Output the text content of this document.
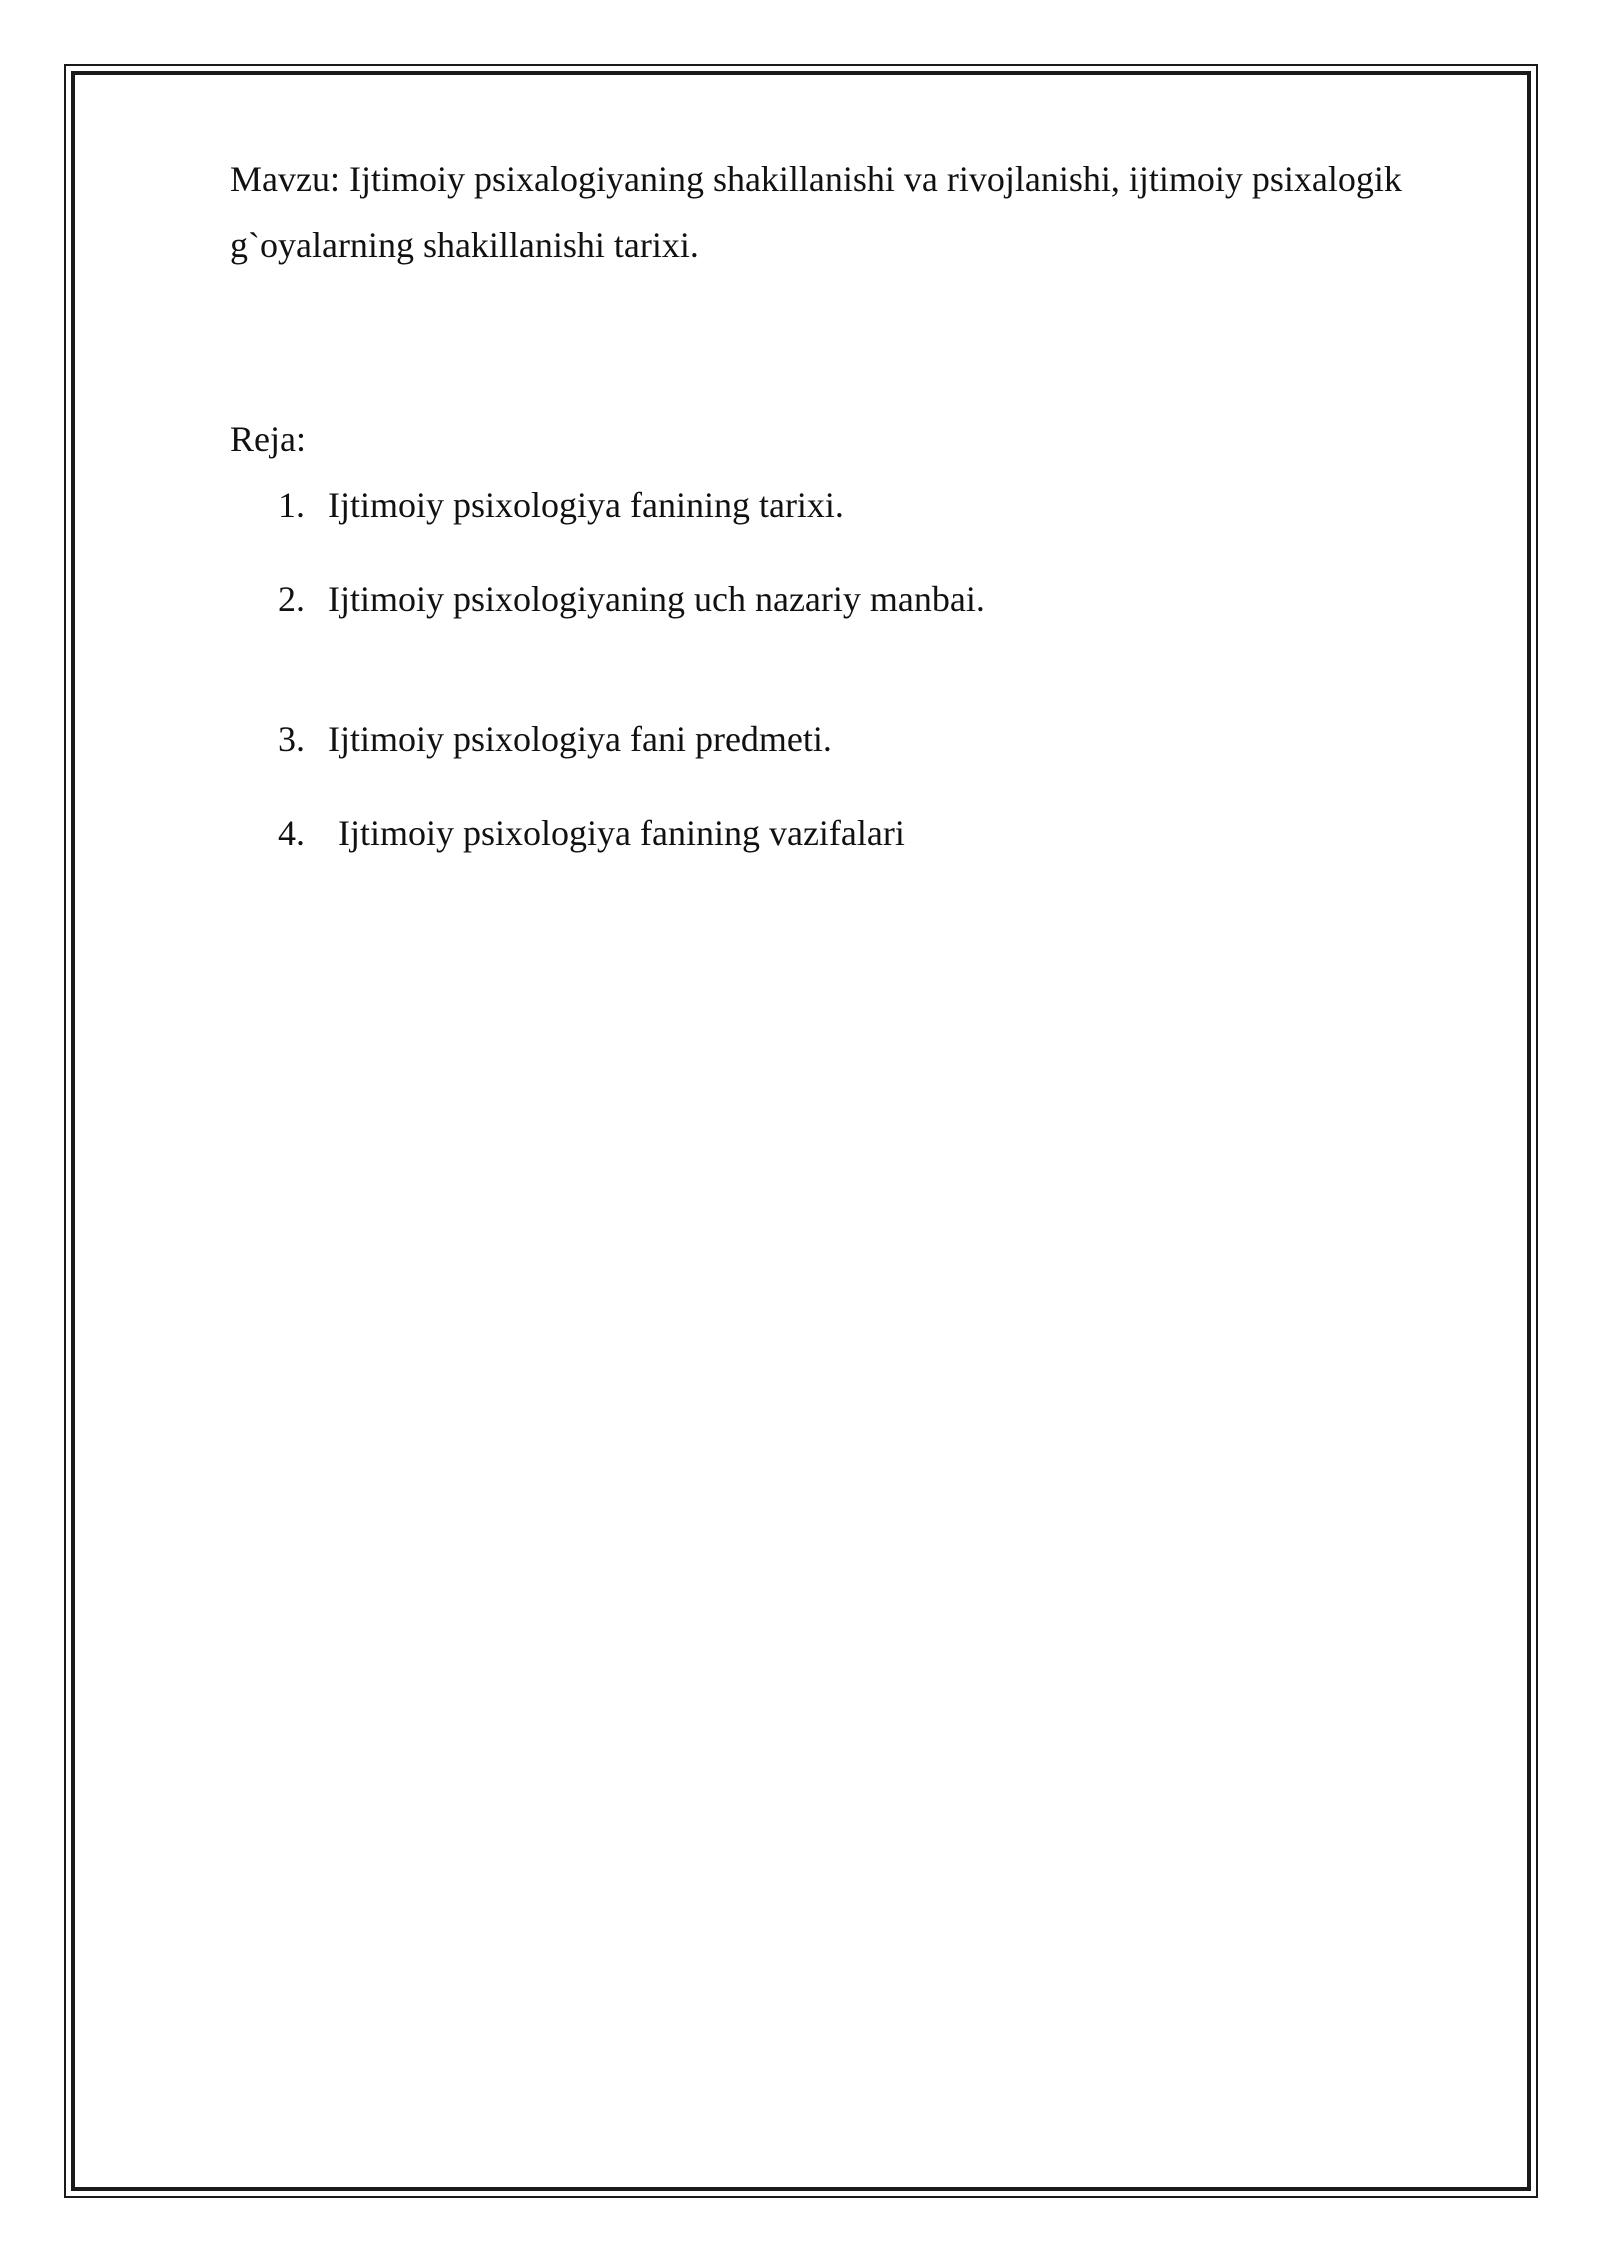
Mavzu: Ijtimoiy psixalogiyaning shakillanishi va rivojlanishi, ijtimoiy psixalogik g`oyalarning shakillanishi tarixi.

Reja:

1. Ijtimoiy psixologiya fanining tarixi.
2. Ijtimoiy psixologiyaning uch nazariy manbai.
3. Ijtimoiy psixologiya fani predmeti.
4. Ijtimoiy psixologiya fanining vazifalari
